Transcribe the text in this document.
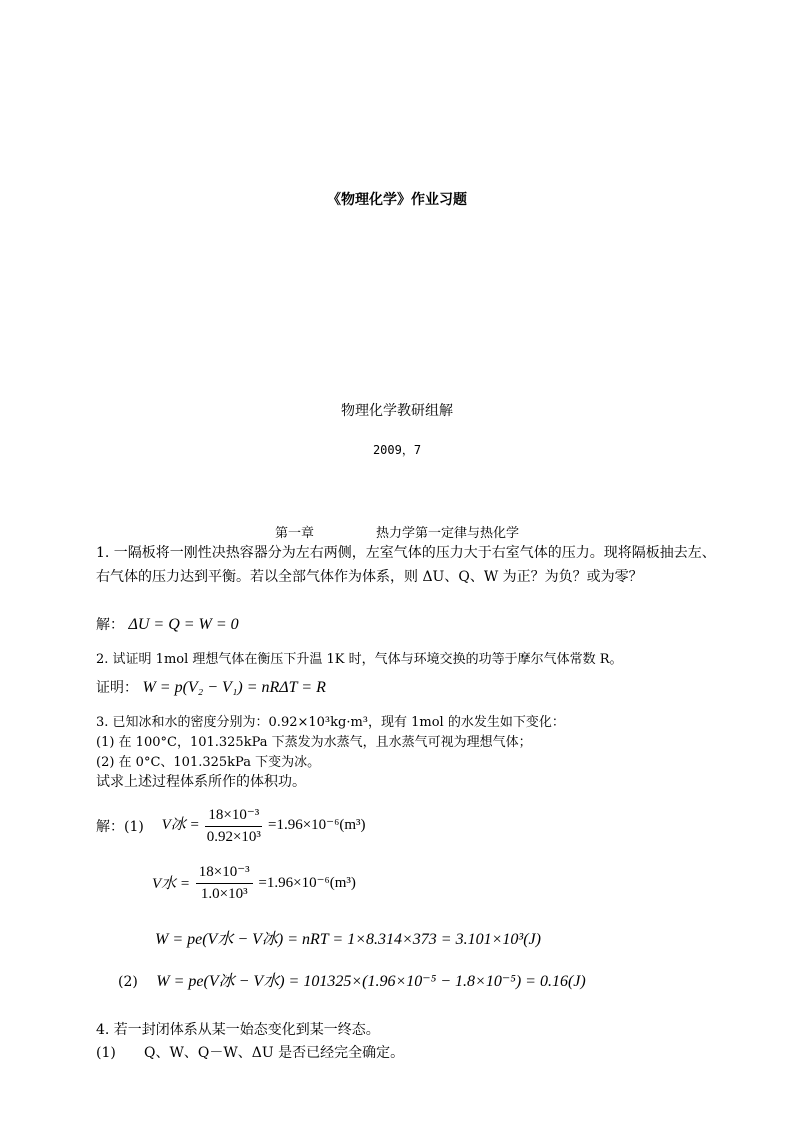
《物理化学》作业习题
物理化学教研组解
2009，7
第一章	热力学第一定律与热化学
1. 一隔板将一刚性决热容器分为左右两侧，左室气体的压力大于右室气体的压力。现将隔板抽去左、
右气体的压力达到平衡。若以全部气体作为体系，则 ΔU、Q、W 为正？为负？或为零？
解： ΔU = Q = W = 0
2. 试证明 1mol 理想气体在衡压下升温 1K 时，气体与环境交换的功等于摩尔气体常数 R。
证明： W = p(V₂ − V₁) = nRΔT = R
3. 已知冰和水的密度分别为：0.92×10³kg·m³，现有 1mol 的水发生如下变化：
(1) 在 100°C，101.325kPa 下蒸发为水蒸气，且水蒸气可视为理想气体；
(2) 在 0°C、101.325kPa 下变为冰。
试求上述过程体系所作的体积功。
解：(1) V冰 = $\frac{\text{18×10⁻³}}{\text{0.92×10³}} =1.96\times 10^{-6}(m^3)$
V水 = $\frac{\text{18×10⁻³}}{\text{1.0×10³}} =1.96\times 10^{-6}(m^3)$
W = pe(V水 − V冰) = nRT = 1×8.314×373 = 3.101×10³(J)
(2) W = pe(V冰 − V水) = 101325×(1.96×10⁻⁵ − 1.8×10⁻⁵) = 0.16(J)
4. 若一封闭体系从某一始态变化到某一终态。
(1) Q、W、Q－W、ΔU 是否已经完全确定。
